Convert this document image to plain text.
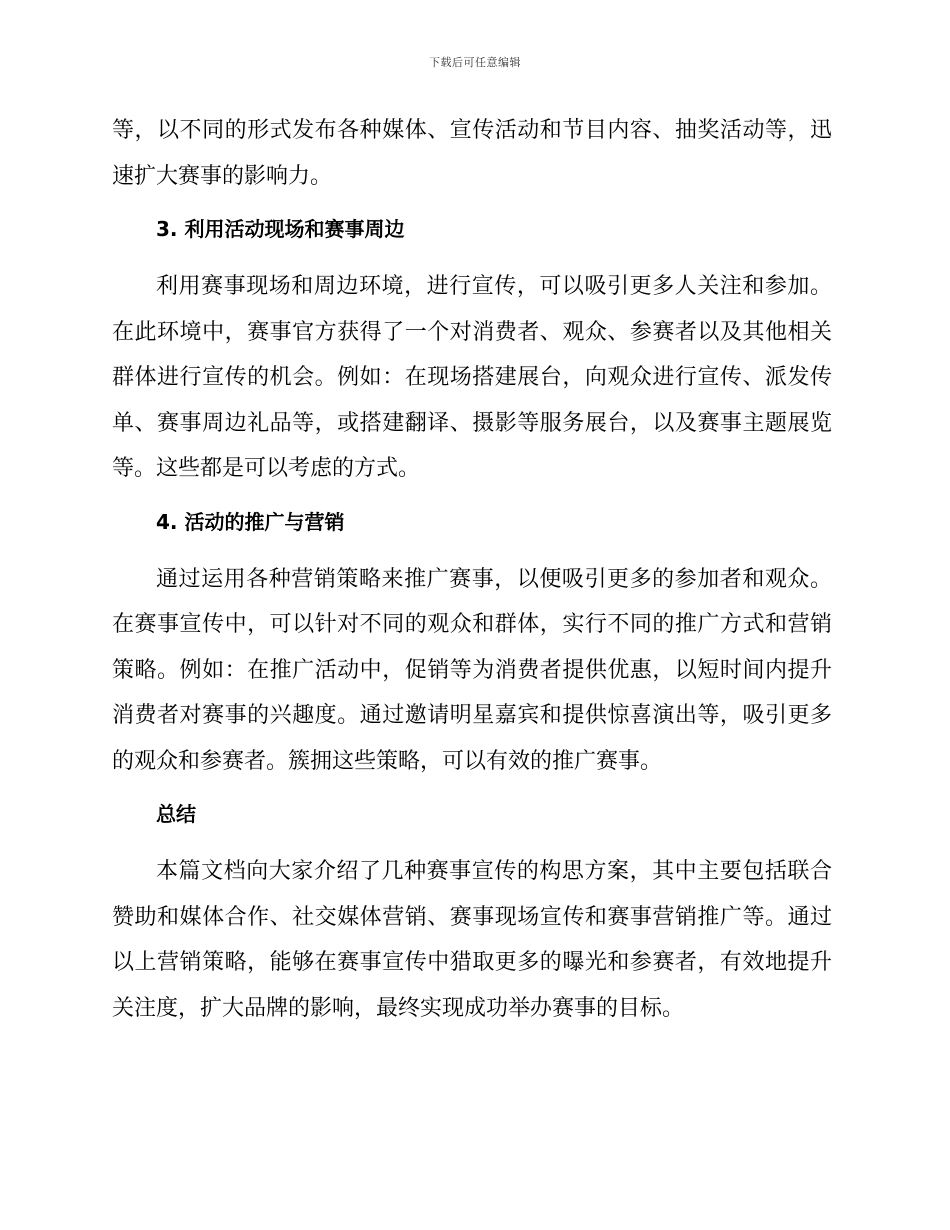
下载后可任意编辑

等，以不同的形式发布各种媒体、宣传活动和节目内容、抽奖活动等，迅速扩大赛事的影响力。

3. 利用活动现场和赛事周边

利用赛事现场和周边环境，进行宣传，可以吸引更多人关注和参加。在此环境中，赛事官方获得了一个对消费者、观众、参赛者以及其他相关群体进行宣传的机会。例如：在现场搭建展台，向观众进行宣传、派发传单、赛事周边礼品等，或搭建翻译、摄影等服务展台，以及赛事主题展览等。这些都是可以考虑的方式。

4. 活动的推广与营销

通过运用各种营销策略来推广赛事，以便吸引更多的参加者和观众。在赛事宣传中，可以针对不同的观众和群体，实行不同的推广方式和营销策略。例如：在推广活动中，促销等为消费者提供优惠，以短时间内提升消费者对赛事的兴趣度。通过邀请明星嘉宾和提供惊喜演出等，吸引更多的观众和参赛者。簇拥这些策略，可以有效的推广赛事。

总结

本篇文档向大家介绍了几种赛事宣传的构思方案，其中主要包括联合赞助和媒体合作、社交媒体营销、赛事现场宣传和赛事营销推广等。通过以上营销策略，能够在赛事宣传中猎取更多的曝光和参赛者，有效地提升关注度，扩大品牌的影响，最终实现成功举办赛事的目标。
